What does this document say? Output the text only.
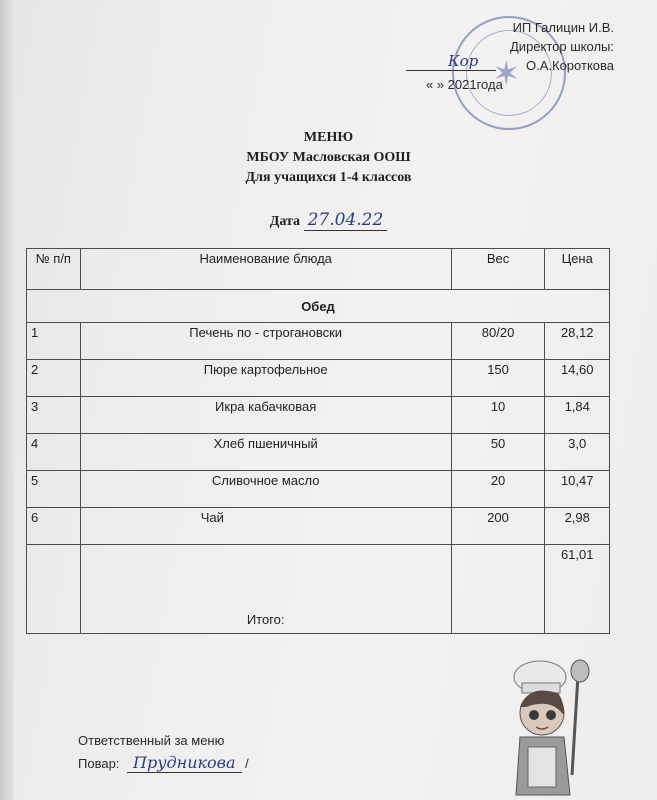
✶
ИП Галицин И.В.
Директор школы:
Кор	О.А.Короткова
« » 2021года
МЕНЮ
МБОУ Масловская ООШ
Для учащихся 1-4 классов
Дата 27.04.22
№ п/п	Наименование блюда	Вес	Цена
Обед			
1	Печень по - строгановски	80/20	28,12
2	Пюре картофельное	150	14,60
3	Икра кабачковая	10	1,84
4	Хлеб пшеничный	50	3,0
5	Сливочное масло	20	10,47
6	Чай	200	2,98
	Итого:		61,01
Ответственный за меню
Повар: Прудникова /
